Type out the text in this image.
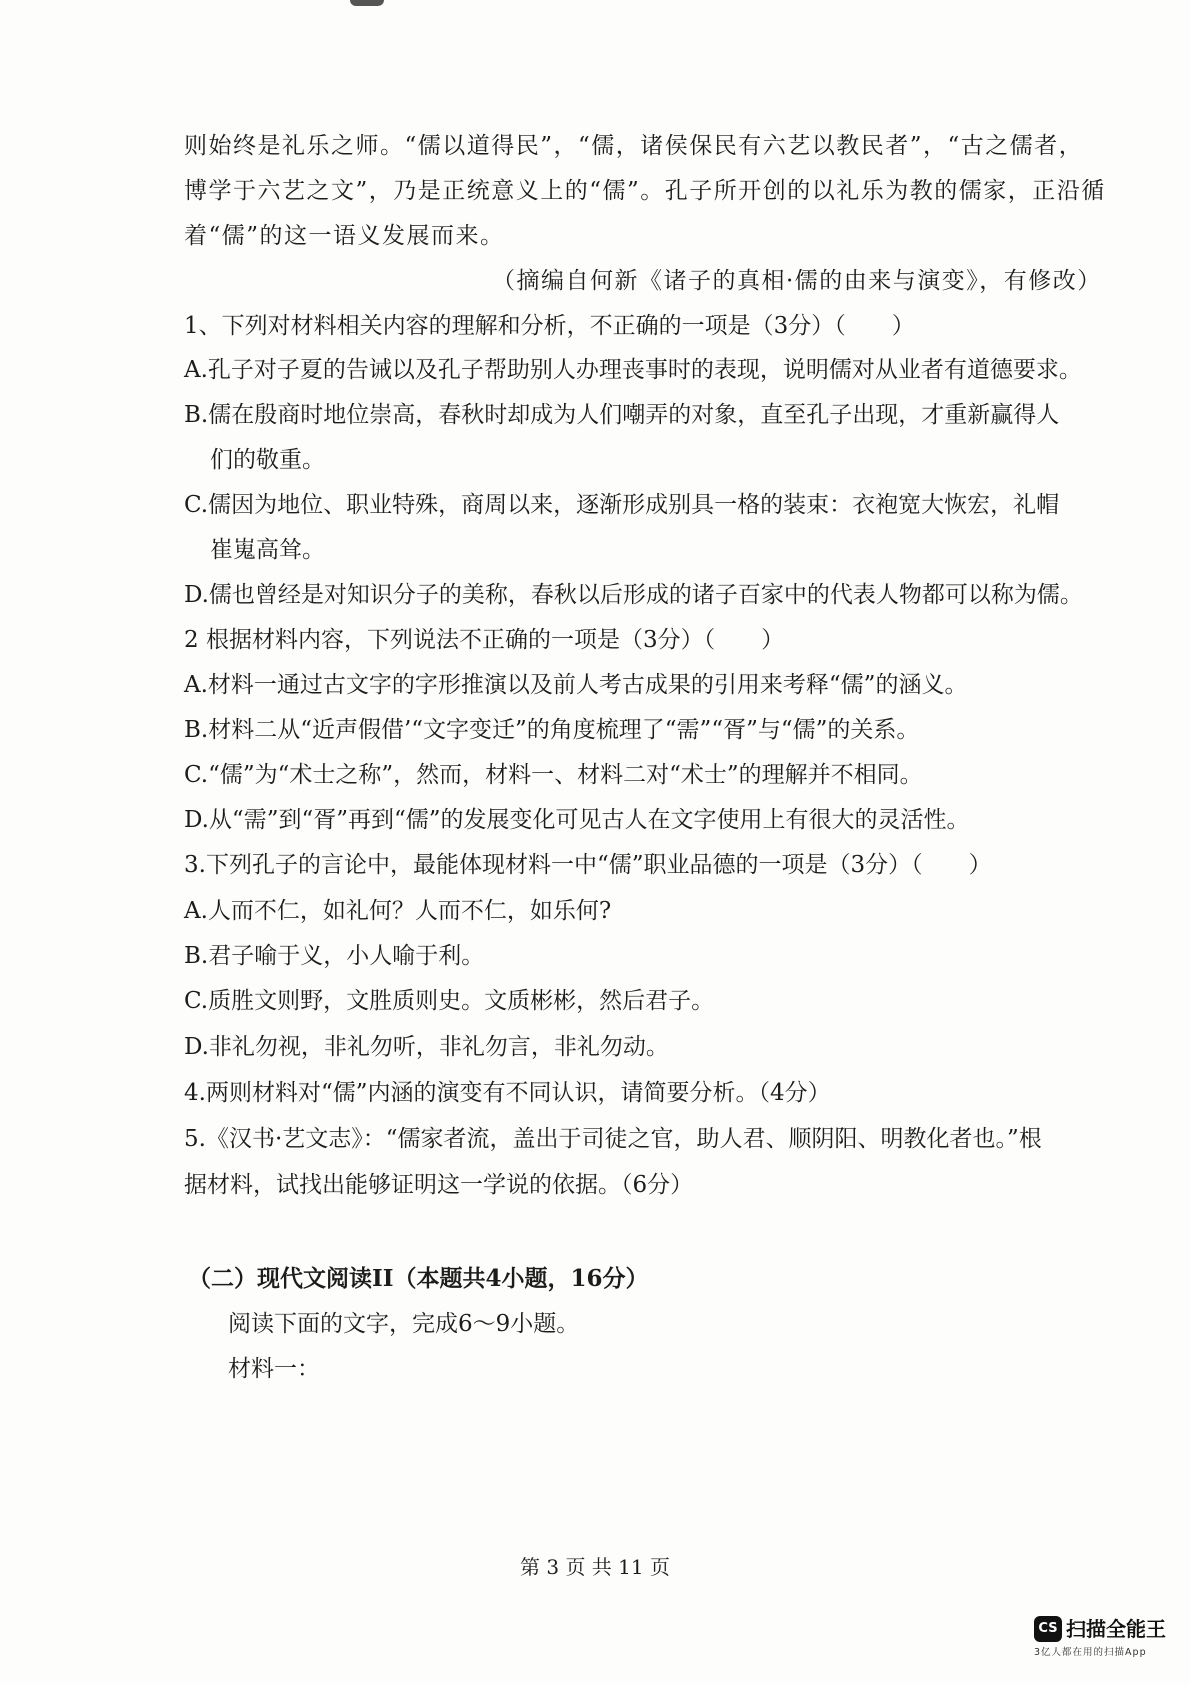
则始终是礼乐之师。“儒以道得民”，“儒，诸侯保民有六艺以教民者”，“古之儒者，
博学于六艺之文”，乃是正统意义上的“儒”。孔子所开创的以礼乐为教的儒家，正沿循
着“儒”的这一语义发展而来。
（摘编自何新《诸子的真相·儒的由来与演变》，有修改）
1、下列对材料相关内容的理解和分析，不正确的一项是（3分）（　　）
A.孔子对子夏的告诫以及孔子帮助别人办理丧事时的表现，说明儒对从业者有道德要求。
B.儒在殷商时地位崇高，春秋时却成为人们嘲弄的对象，直至孔子出现，才重新赢得人
们的敬重。
C.儒因为地位、职业特殊，商周以来，逐渐形成别具一格的装束：衣袍宽大恢宏，礼帽
崔嵬高耸。
D.儒也曾经是对知识分子的美称，春秋以后形成的诸子百家中的代表人物都可以称为儒。
2 根据材料内容，下列说法不正确的一项是（3分）（　　）
A.材料一通过古文字的字形推演以及前人考古成果的引用来考释“儒”的涵义。
B.材料二从“近声假借’“文字变迁”的角度梳理了“需”“胥”与“儒”的关系。
C.“儒”为“术士之称”，然而，材料一、材料二对“术士”的理解并不相同。
D.从“需”到“胥”再到“儒”的发展变化可见古人在文字使用上有很大的灵活性。
3.下列孔子的言论中，最能体现材料一中“儒”职业品德的一项是（3分）（　　）
A.人而不仁，如礼何？人而不仁，如乐何?
B.君子喻于义，小人喻于利。
C.质胜文则野，文胜质则史。文质彬彬，然后君子。
D.非礼勿视，非礼勿听，非礼勿言，非礼勿动。
4.两则材料对“儒”内涵的演变有不同认识，请简要分析。（4分）
5.《汉书·艺文志》：“儒家者流，盖出于司徒之官，助人君、顺阴阳、明教化者也。”根
据材料，试找出能够证明这一学说的依据。（6分）
（二）现代文阅读II（本题共4小题，16分）
阅读下面的文字，完成6～9小题。
材料一：
第 3 页 共 11 页
CS 扫描全能王
3亿人都在用的扫描App
